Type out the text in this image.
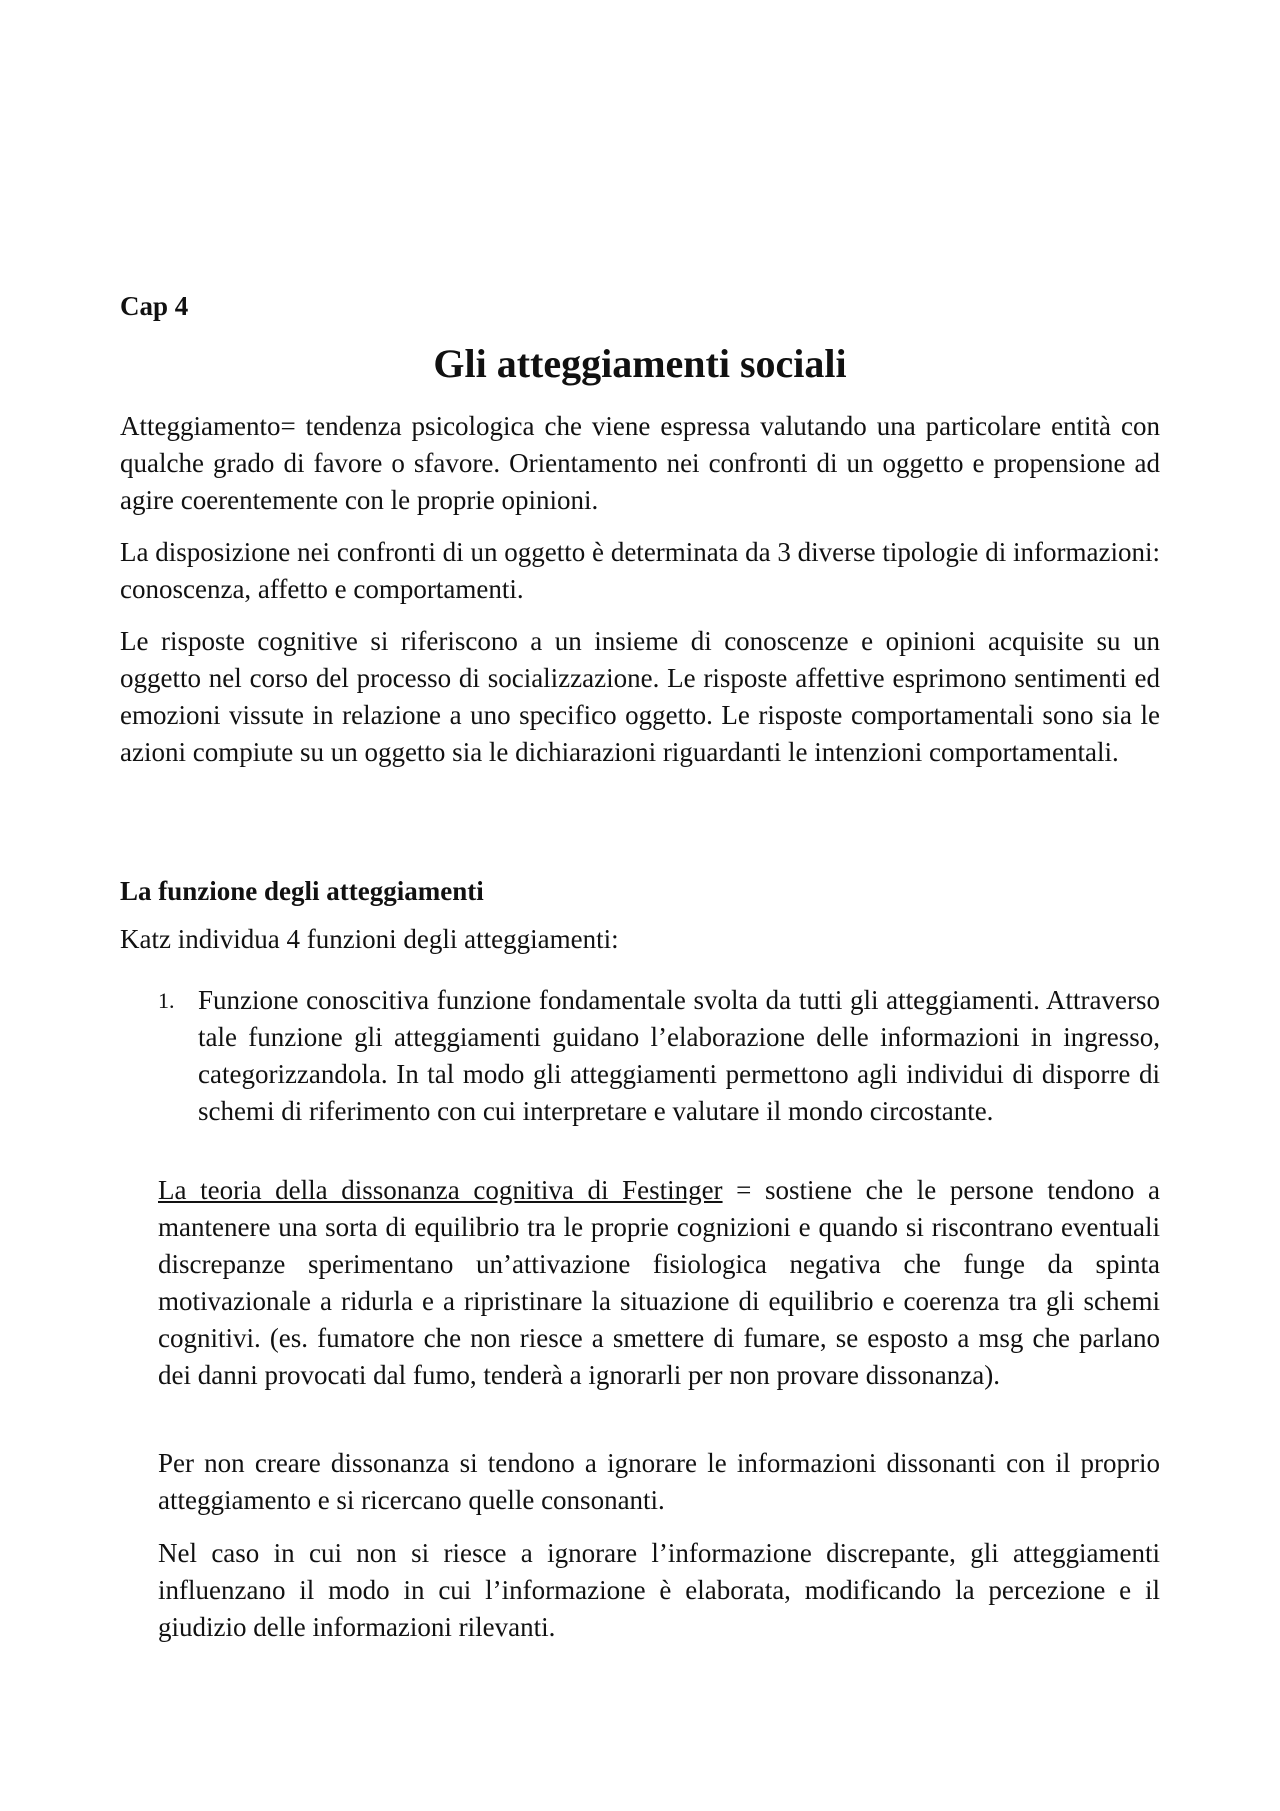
Cap 4

Gli atteggiamenti sociali

Atteggiamento= tendenza psicologica che viene espressa valutando una particolare entità con qualche grado di favore o sfavore. Orientamento nei confronti di un oggetto e propensione ad agire coerentemente con le proprie opinioni.

La disposizione nei confronti di un oggetto è determinata da 3 diverse tipologie di informazioni: conoscenza, affetto e comportamenti.

Le risposte cognitive si riferiscono a un insieme di conoscenze e opinioni acquisite su un oggetto nel corso del processo di socializzazione. Le risposte affettive esprimono sentimenti ed emozioni vissute in relazione a uno specifico oggetto. Le risposte comportamentali sono sia le azioni compiute su un oggetto sia le dichiarazioni riguardanti le intenzioni comportamentali.

La funzione degli atteggiamenti

Katz individua 4 funzioni degli atteggiamenti:

1. Funzione conoscitiva funzione fondamentale svolta da tutti gli atteggiamenti. Attraverso tale funzione gli atteggiamenti guidano l’elaborazione delle informazioni in ingresso, categorizzandola. In tal modo gli atteggiamenti permettono agli individui di disporre di schemi di riferimento con cui interpretare e valutare il mondo circostante.

La teoria della dissonanza cognitiva di Festinger = sostiene che le persone tendono a mantenere una sorta di equilibrio tra le proprie cognizioni e quando si riscontrano eventuali discrepanze sperimentano un’attivazione fisiologica negativa che funge da spinta motivazionale a ridurla e a ripristinare la situazione di equilibrio e coerenza tra gli schemi cognitivi. (es. fumatore che non riesce a smettere di fumare, se esposto a msg che parlano dei danni provocati dal fumo, tenderà a ignorarli per non provare dissonanza).

Per non creare dissonanza si tendono a ignorare le informazioni dissonanti con il proprio atteggiamento e si ricercano quelle consonanti.

Nel caso in cui non si riesce a ignorare l’informazione discrepante, gli atteggiamenti influenzano il modo in cui l’informazione è elaborata, modificando la percezione e il giudizio delle informazioni rilevanti.
